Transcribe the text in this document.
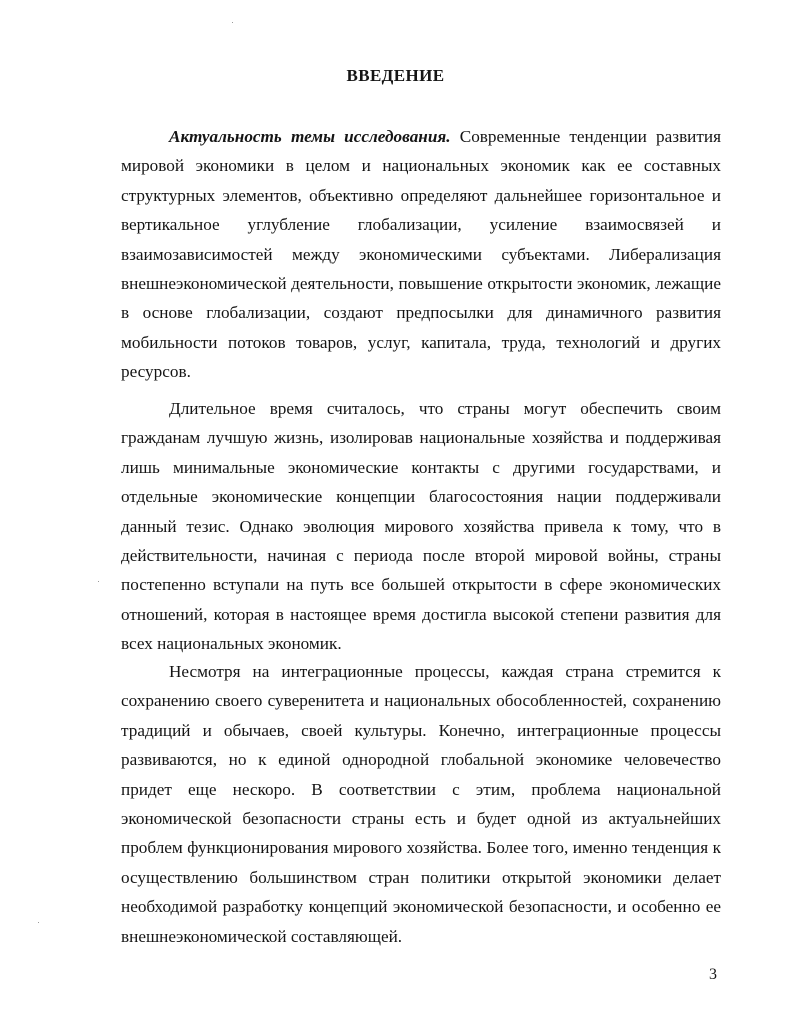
ВВЕДЕНИЕ

Актуальность темы исследования. Современные тенденции развития мировой экономики в целом и национальных экономик как ее составных структурных элементов, объективно определяют дальнейшее горизонтальное и вертикальное углубление глобализации, усиление взаимосвязей и взаимозависимостей между экономическими субъектами. Либерализация внешнеэкономической деятельности, повышение открытости экономик, лежащие в основе глобализации, создают предпосылки для динамичного развития мобильности потоков товаров, услуг, капитала, труда, технологий и других ресурсов.

Длительное время считалось, что страны могут обеспечить своим гражданам лучшую жизнь, изолировав национальные хозяйства и поддерживая лишь минимальные экономические контакты с другими государствами, и отдельные экономические концепции благосостояния нации поддерживали данный тезис. Однако эволюция мирового хозяйства привела к тому, что в действительности, начиная с периода после второй мировой войны, страны постепенно вступали на путь все большей открытости в сфере экономических отношений, которая в настоящее время достигла высокой степени развития для всех национальных экономик.

Несмотря на интеграционные процессы, каждая страна стремится к сохранению своего суверенитета и национальных обособленностей, сохранению традиций и обычаев, своей культуры. Конечно, интеграционные процессы развиваются, но к единой однородной глобальной экономике человечество придет еще нескоро. В соответствии с этим, проблема национальной экономической безопасности страны есть и будет одной из актуальнейших проблем функционирования мирового хозяйства. Более того, именно тенденция к осуществлению большинством стран политики открытой экономики делает необходимой разработку концепций экономической безопасности, и особенно ее внешнеэкономической составляющей.

3
